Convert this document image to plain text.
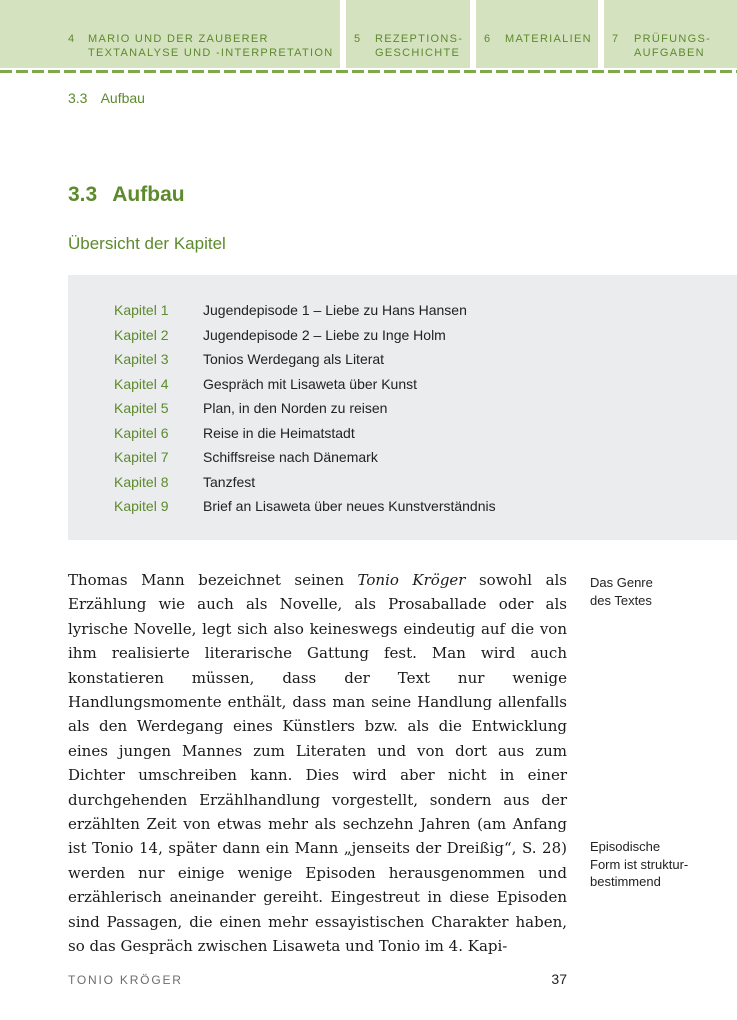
4 MARIO UND DER ZAUBERER
TEXTANALYSE UND -INTERPRETATION
5 REZEPTIONS-
GESCHICHTE
6 MATERIALIEN 7 PRÜFUNGS-
AUFGABEN
3.3 Aufbau
3.3 Aufbau
Übersicht der Kapitel
Kapitel 1 Jugendepisode 1 – Liebe zu Hans Hansen
Kapitel 2 Jugendepisode 2 – Liebe zu Inge Holm
Kapitel 3 Tonios Werdegang als Literat
Kapitel 4 Gespräch mit Lisaweta über Kunst
Kapitel 5 Plan, in den Norden zu reisen
Kapitel 6 Reise in die Heimatstadt
Kapitel 7 Schiffsreise nach Dänemark
Kapitel 8 Tanzfest
Kapitel 9 Brief an Lisaweta über neues Kunstverständnis

Thomas Mann bezeichnet seinen Tonio Kröger sowohl als Erzählung wie auch als Novelle, als Prosaballade oder als lyrische Novelle, legt sich also keineswegs eindeutig auf die von ihm realisierte literarische Gattung fest. Man wird auch konstatieren müssen, dass der Text nur wenige Handlungsmomente enthält, dass man seine Handlung allenfalls als den Werdegang eines Künstlers bzw. als die Entwicklung eines jungen Mannes zum Literaten und von dort aus zum Dichter umschreiben kann. Dies wird aber nicht in einer durchgehenden Erzählhandlung vorgestellt, sondern aus der erzählten Zeit von etwas mehr als sechzehn Jahren (am Anfang ist Tonio 14, später dann ein Mann „jenseits der Dreißig“, S. 28) werden nur einige wenige Episoden herausgenommen und erzählerisch aneinander gereiht. Eingestreut in diese Episoden sind Passagen, die einen mehr essayistischen Charakter haben, so das Gespräch zwischen Lisaweta und Tonio im 4. Kapi-

Das Genre
des Textes
Episodische
Form ist struktur-
bestimmend
TONIO KRÖGER	37
